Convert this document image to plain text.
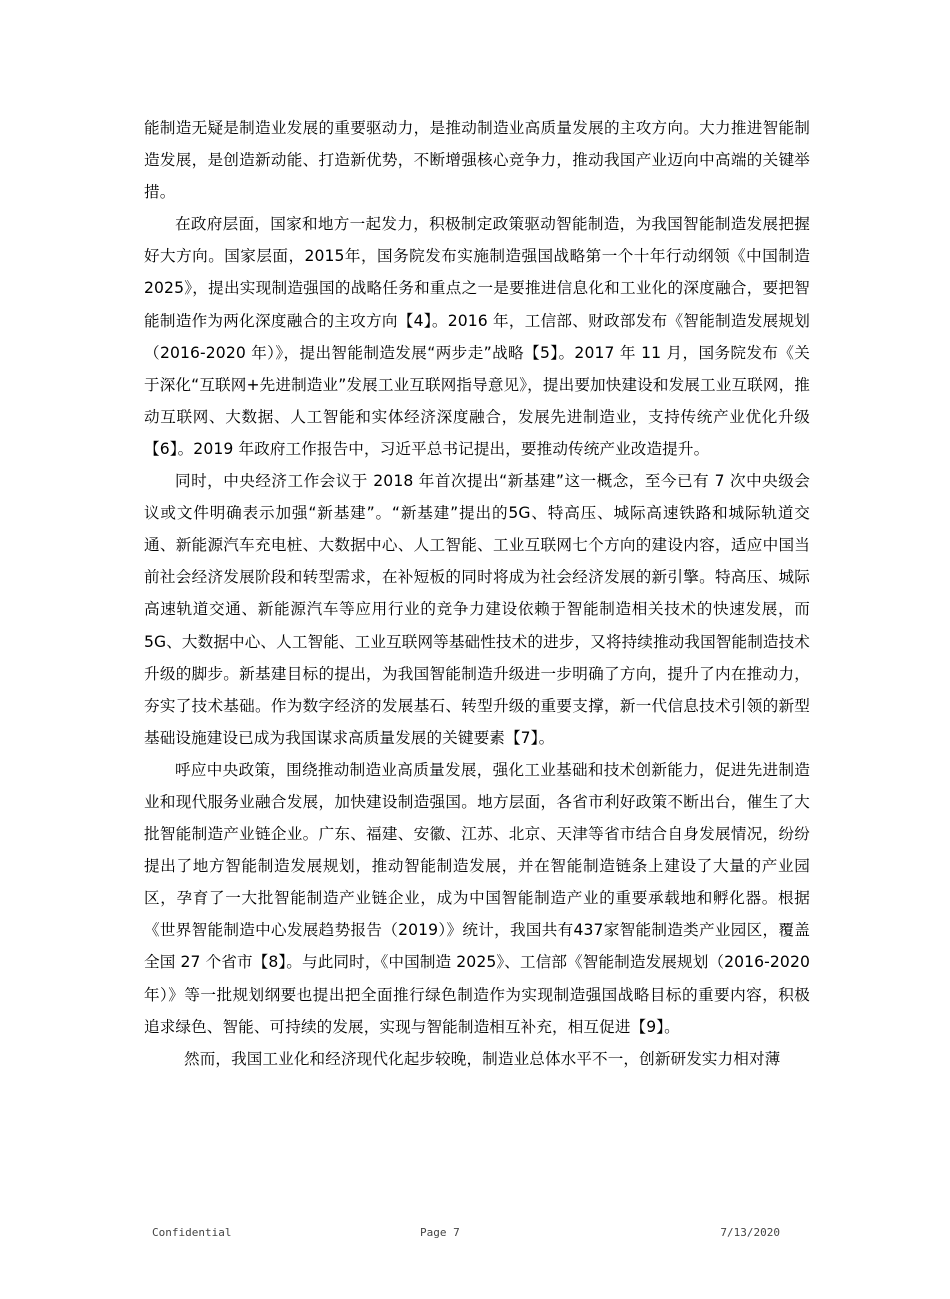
能制造无疑是制造业发展的重要驱动力，是推动制造业高质量发展的主攻方向。大力推进智能制造发展，是创造新动能、打造新优势，不断增强核心竞争力，推动我国产业迈向中高端的关键举措。

在政府层面，国家和地方一起发力，积极制定政策驱动智能制造，为我国智能制造发展把握好大方向。国家层面，2015年，国务院发布实施制造强国战略第一个十年行动纲领《中国制造2025》，提出实现制造强国的战略任务和重点之一是要推进信息化和工业化的深度融合，要把智能制造作为两化深度融合的主攻方向【4】。2016 年，工信部、财政部发布《智能制造发展规划（2016-2020 年）》，提出智能制造发展“两步走”战略【5】。2017 年 11 月，国务院发布《关于深化“互联网+先进制造业”发展工业互联网指导意见》，提出要加快建设和发展工业互联网，推动互联网、大数据、人工智能和实体经济深度融合，发展先进制造业，支持传统产业优化升级【6】。2019 年政府工作报告中，习近平总书记提出，要推动传统产业改造提升。

同时，中央经济工作会议于 2018 年首次提出“新基建”这一概念，至今已有 7 次中央级会议或文件明确表示加强“新基建”。“新基建”提出的5G、特高压、城际高速铁路和城际轨道交通、新能源汽车充电桩、大数据中心、人工智能、工业互联网七个方向的建设内容，适应中国当前社会经济发展阶段和转型需求，在补短板的同时将成为社会经济发展的新引擎。特高压、城际高速轨道交通、新能源汽车等应用行业的竞争力建设依赖于智能制造相关技术的快速发展，而5G、大数据中心、人工智能、工业互联网等基础性技术的进步，又将持续推动我国智能制造技术升级的脚步。新基建目标的提出，为我国智能制造升级进一步明确了方向，提升了内在推动力，夯实了技术基础。作为数字经济的发展基石、转型升级的重要支撑，新一代信息技术引领的新型基础设施建设已成为我国谋求高质量发展的关键要素【7】。

呼应中央政策，围绕推动制造业高质量发展，强化工业基础和技术创新能力，促进先进制造业和现代服务业融合发展，加快建设制造强国。地方层面，各省市利好政策不断出台，催生了大批智能制造产业链企业。广东、福建、安徽、江苏、北京、天津等省市结合自身发展情况，纷纷提出了地方智能制造发展规划，推动智能制造发展，并在智能制造链条上建设了大量的产业园区，孕育了一大批智能制造产业链企业，成为中国智能制造产业的重要承载地和孵化器。根据《世界智能制造中心发展趋势报告（2019）》统计，我国共有437家智能制造类产业园区，覆盖全国 27 个省市【8】。与此同时，《中国制造 2025》、工信部《智能制造发展规划（2016-2020 年）》等一批规划纲要也提出把全面推行绿色制造作为实现制造强国战略目标的重要内容，积极追求绿色、智能、可持续的发展，实现与智能制造相互补充，相互促进【9】。

然而，我国工业化和经济现代化起步较晚，制造业总体水平不一，创新研发实力相对薄

Confidential	Page 7	7/13/2020
